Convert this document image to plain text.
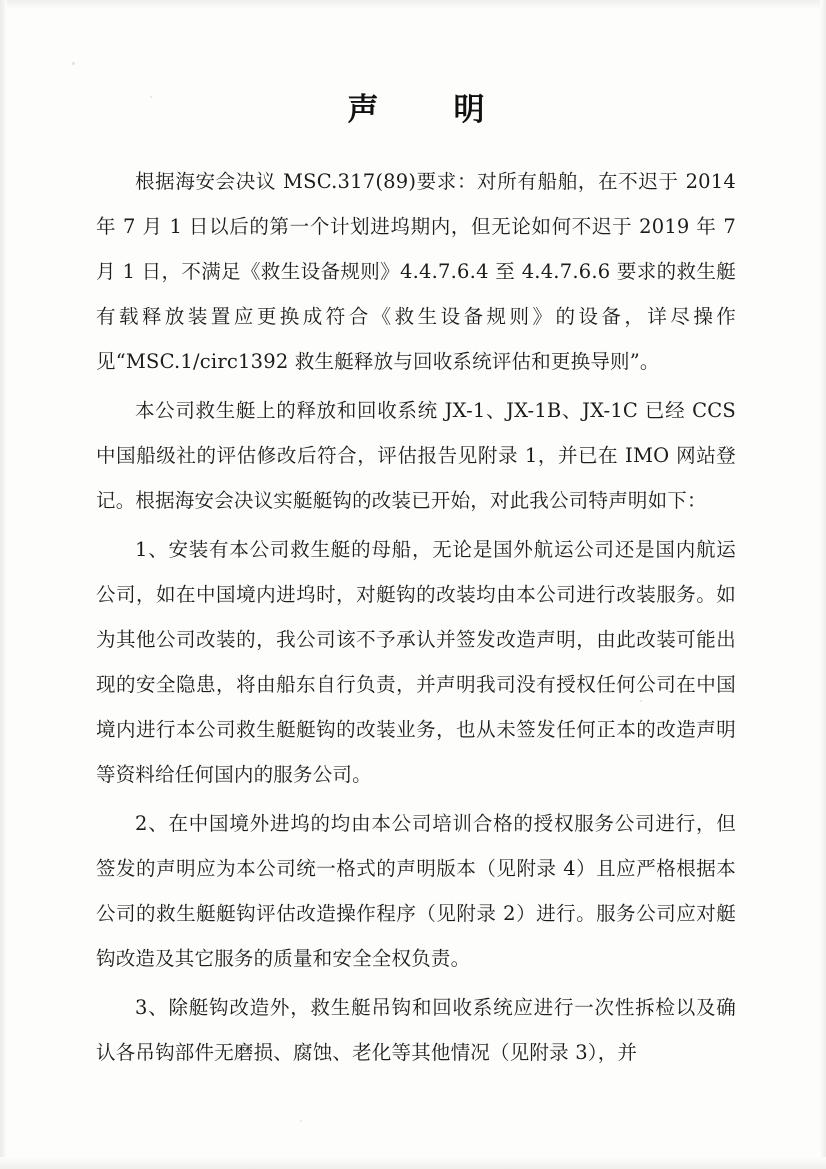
声　明

根据海安会决议 MSC.317(89)要求：对所有船舶，在不迟于 2014 年 7 月 1 日以后的第一个计划进坞期内，但无论如何不迟于 2019 年 7 月 1 日，不满足《救生设备规则》4.4.7.6.4 至 4.4.7.6.6 要求的救生艇有载释放装置应更换成符合《救生设备规则》的设备，详尽操作见“MSC.1/circ1392 救生艇释放与回收系统评估和更换导则”。

本公司救生艇上的释放和回收系统 JX-1、JX-1B、JX-1C 已经 CCS 中国船级社的评估修改后符合，评估报告见附录 1，并已在 IMO 网站登记。根据海安会决议实艇艇钩的改装已开始，对此我公司特声明如下：

1、安装有本公司救生艇的母船，无论是国外航运公司还是国内航运公司，如在中国境内进坞时，对艇钩的改装均由本公司进行改装服务。如为其他公司改装的，我公司该不予承认并签发改造声明，由此改装可能出现的安全隐患，将由船东自行负责，并声明我司没有授权任何公司在中国境内进行本公司救生艇艇钩的改装业务，也从未签发任何正本的改造声明等资料给任何国内的服务公司。

2、在中国境外进坞的均由本公司培训合格的授权服务公司进行，但签发的声明应为本公司统一格式的声明版本（见附录 4）且应严格根据本公司的救生艇艇钩评估改造操作程序（见附录 2）进行。服务公司应对艇钩改造及其它服务的质量和安全全权负责。

3、除艇钩改造外，救生艇吊钩和回收系统应进行一次性拆检以及确认各吊钩部件无磨损、腐蚀、老化等其他情况（见附录 3），并
